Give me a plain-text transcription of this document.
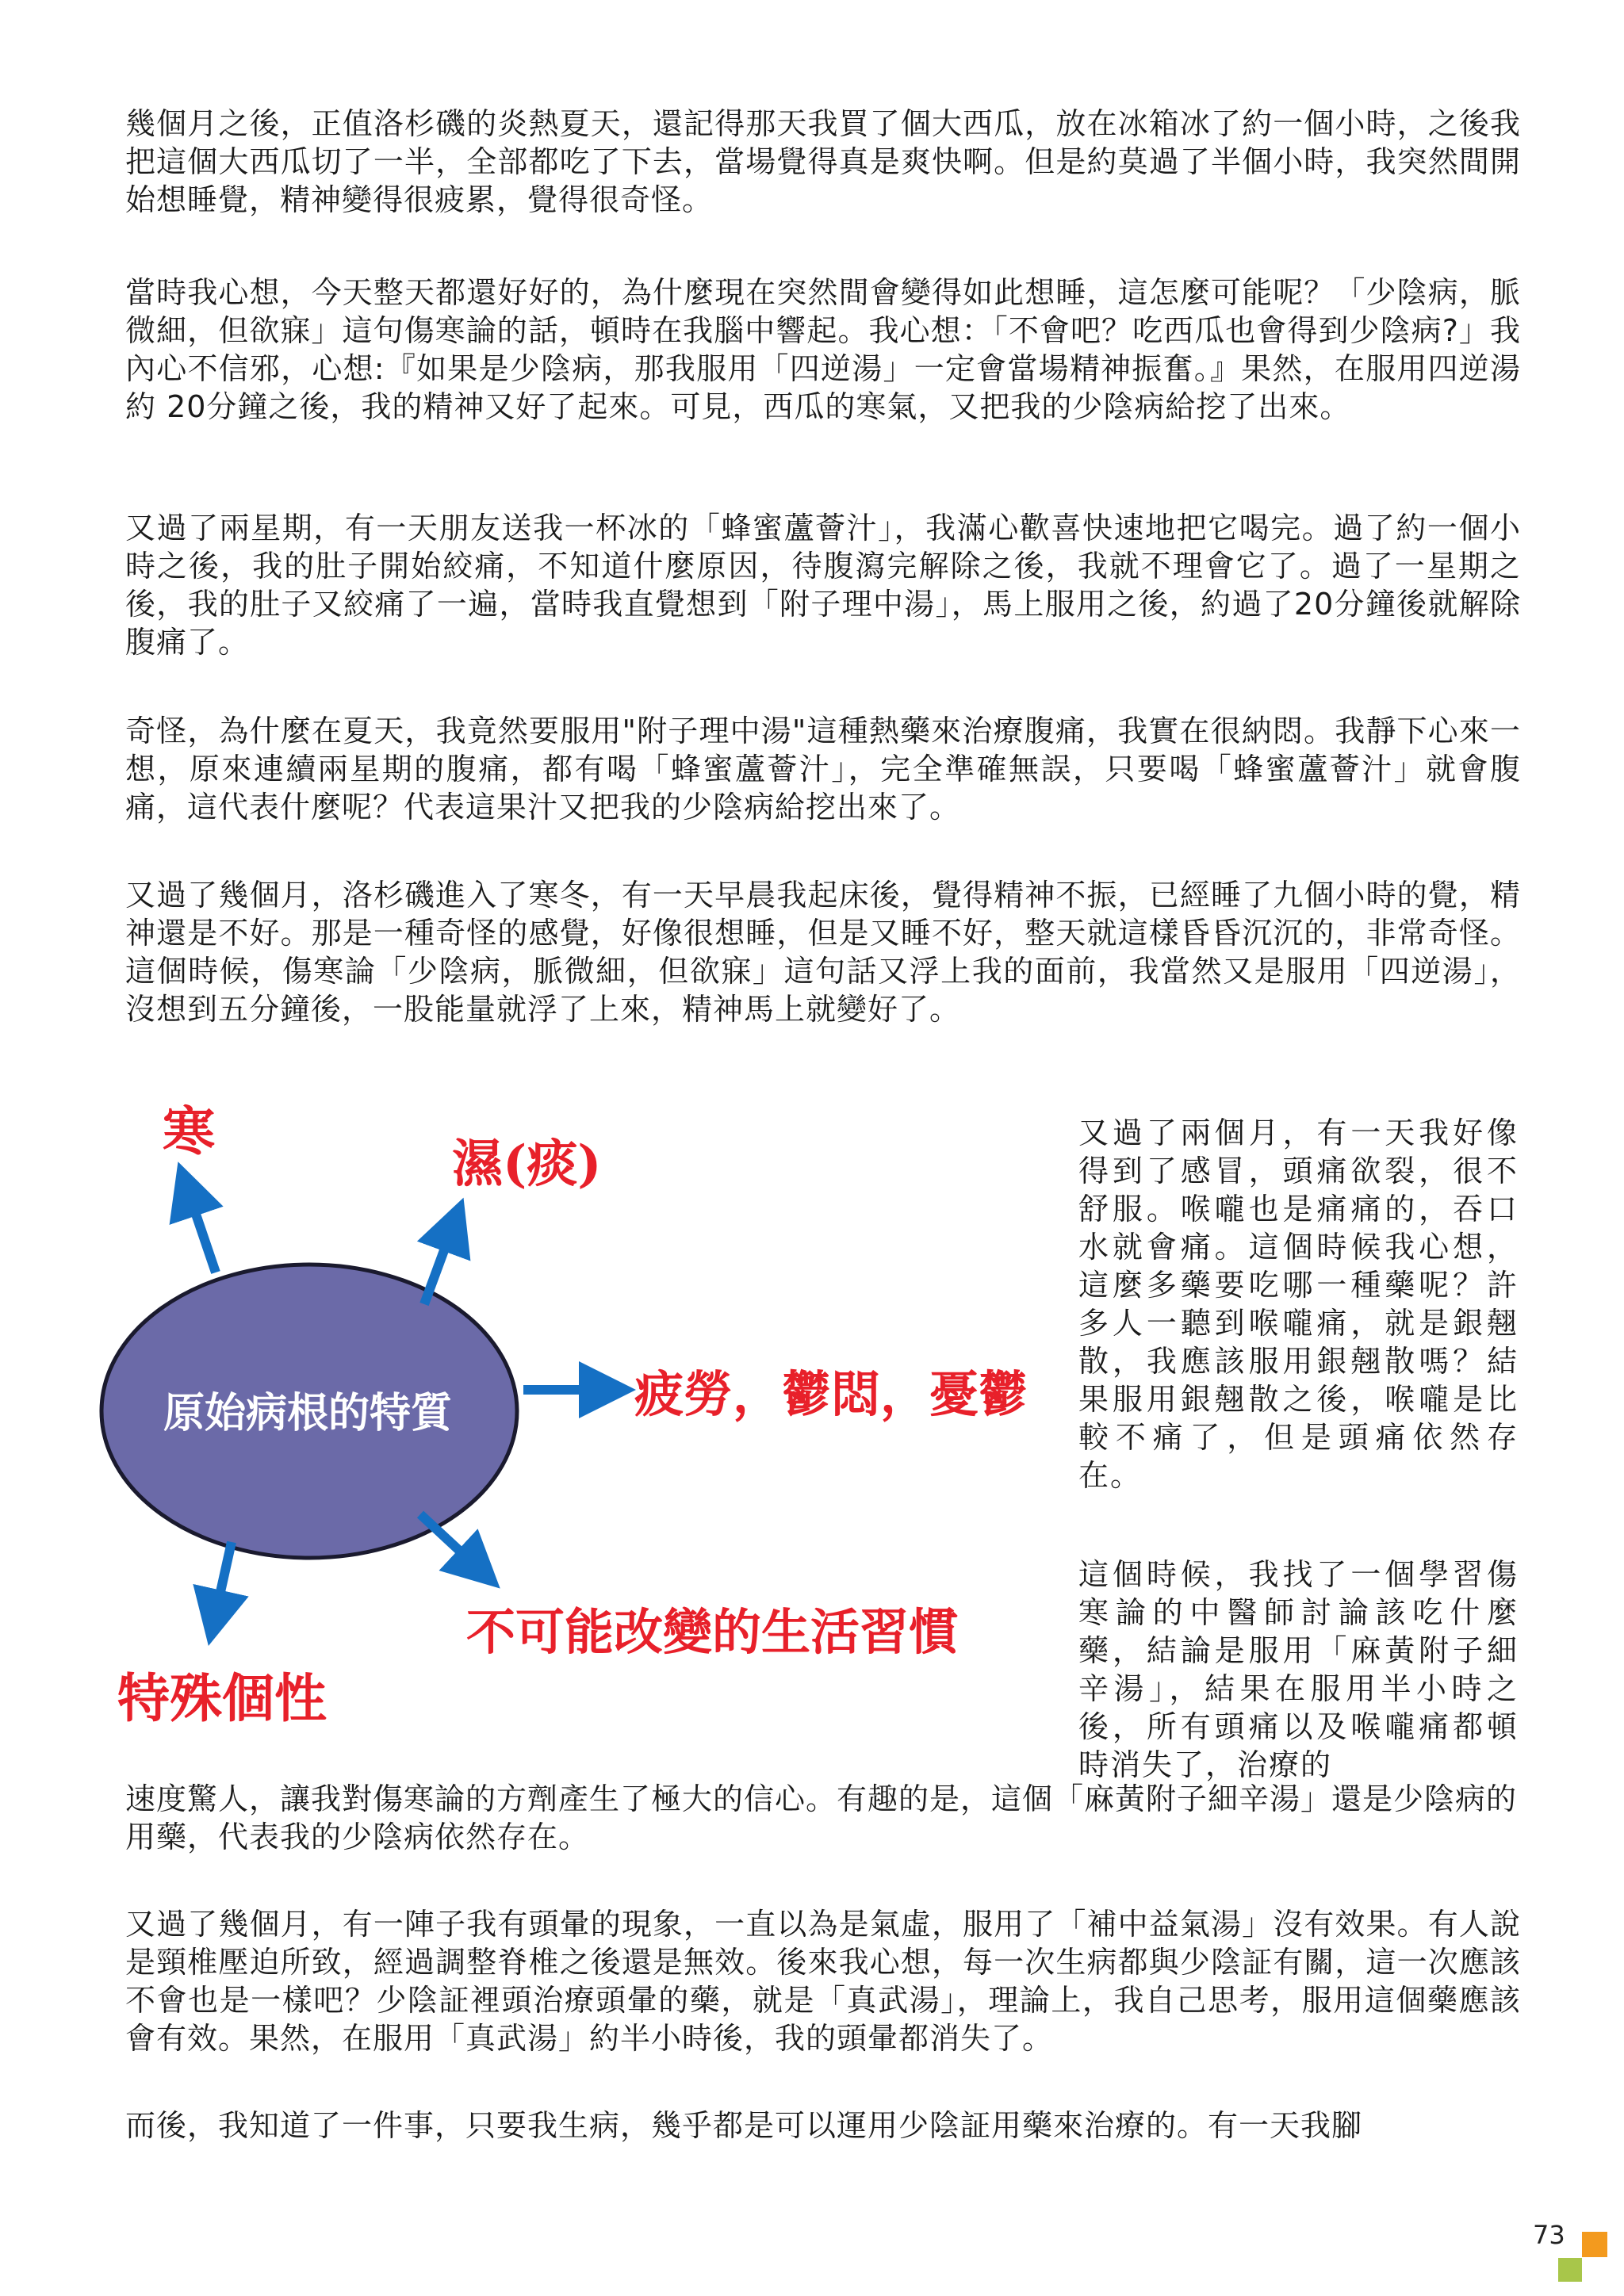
幾個月之後，正值洛杉磯的炎熱夏天，還記得那天我買了個大西瓜，放在冰箱冰了約一個小時，之後我把這個大西瓜切了一半，全部都吃了下去，當場覺得真是爽快啊。但是約莫過了半個小時，我突然間開始想睡覺，精神變得很疲累，覺得很奇怪。

當時我心想，今天整天都還好好的，為什麼現在突然間會變得如此想睡，這怎麼可能呢？「少陰病，脈微細，但欲寐」這句傷寒論的話，頓時在我腦中響起。我心想：「不會吧？吃西瓜也會得到少陰病?」我內心不信邪，心想:『如果是少陰病，那我服用「四逆湯」一定會當場精神振奮。』果然，在服用四逆湯約 20分鐘之後，我的精神又好了起來。可見，西瓜的寒氣，又把我的少陰病給挖了出來。

又過了兩星期，有一天朋友送我一杯冰的「蜂蜜蘆薈汁」，我滿心歡喜快速地把它喝完。過了約一個小時之後，我的肚子開始絞痛，不知道什麼原因，待腹瀉完解除之後，我就不理會它了。過了一星期之後，我的肚子又絞痛了一遍，當時我直覺想到「附子理中湯」，馬上服用之後，約過了20分鐘後就解除腹痛了。

奇怪，為什麼在夏天，我竟然要服用"附子理中湯"這種熱藥來治療腹痛，我實在很納悶。我靜下心來一想，原來連續兩星期的腹痛，都有喝「蜂蜜蘆薈汁」，完全準確無誤，只要喝「蜂蜜蘆薈汁」就會腹痛，這代表什麼呢？代表這果汁又把我的少陰病給挖出來了。

又過了幾個月，洛杉磯進入了寒冬，有一天早晨我起床後，覺得精神不振，已經睡了九個小時的覺，精神還是不好。那是一種奇怪的感覺，好像很想睡，但是又睡不好，整天就這樣昏昏沉沉的，非常奇怪。這個時候，傷寒論「少陰病，脈微細，但欲寐」這句話又浮上我的面前，我當然又是服用「四逆湯」，沒想到五分鐘後，一股能量就浮了上來，精神馬上就變好了。

原始病根的特質
寒
濕(痰)
疲勞，鬱悶，憂鬱
不可能改變的生活習慣
特殊個性

又過了兩個月，有一天我好像得到了感冒，頭痛欲裂，很不舒服。喉嚨也是痛痛的，吞口水就會痛。這個時候我心想，這麼多藥要吃哪一種藥呢？許多人一聽到喉嚨痛，就是銀翹散，我應該服用銀翹散嗎？結果服用銀翹散之後，喉嚨是比較不痛了，但是頭痛依然存在。

這個時候，我找了一個學習傷寒論的中醫師討論該吃什麼藥，結論是服用「麻黃附子細辛湯」，結果在服用半小時之後，所有頭痛以及喉嚨痛都頓時消失了，治療的

速度驚人，讓我對傷寒論的方劑產生了極大的信心。有趣的是，這個「麻黃附子細辛湯」還是少陰病的用藥，代表我的少陰病依然存在。

又過了幾個月，有一陣子我有頭暈的現象，一直以為是氣虛，服用了「補中益氣湯」沒有效果。有人說是頸椎壓迫所致，經過調整脊椎之後還是無效。後來我心想，每一次生病都與少陰証有關，這一次應該不會也是一樣吧？少陰証裡頭治療頭暈的藥，就是「真武湯」，理論上，我自己思考，服用這個藥應該會有效。果然，在服用「真武湯」約半小時後，我的頭暈都消失了。

而後，我知道了一件事，只要我生病，幾乎都是可以運用少陰証用藥來治療的。有一天我腳

73
